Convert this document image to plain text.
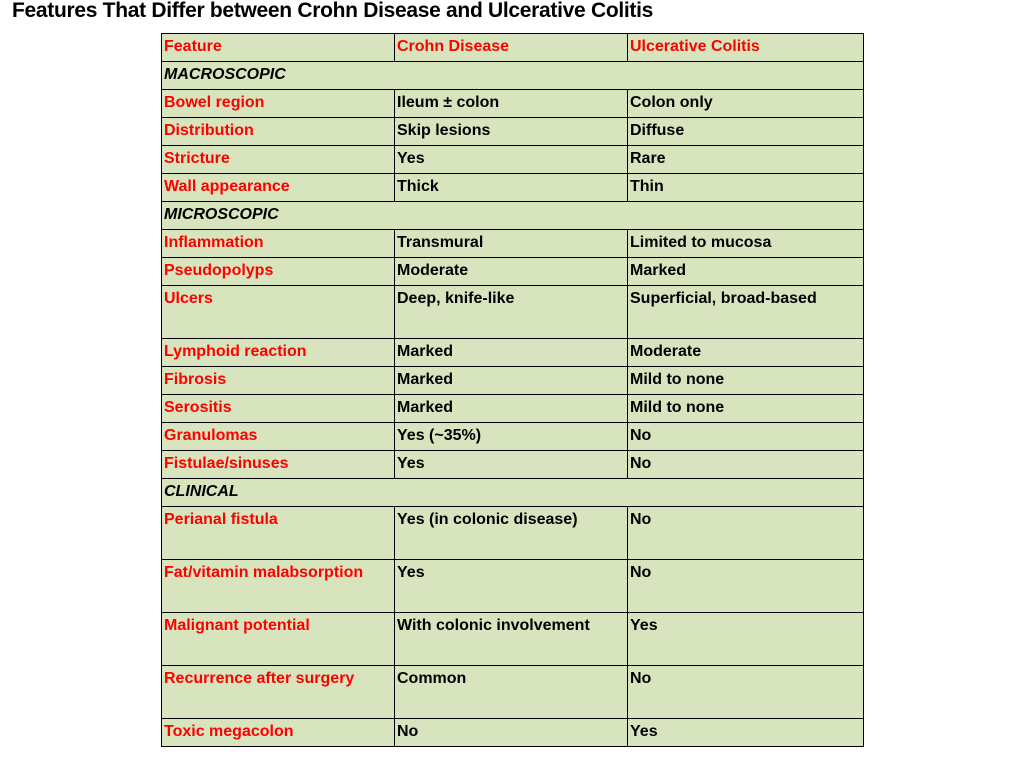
Features That Differ between Crohn Disease and Ulcerative Colitis
Feature	Crohn Disease	Ulcerative Colitis
MACROSCOPIC		
Bowel region	Ileum ± colon	Colon only
Distribution	Skip lesions	Diffuse
Stricture	Yes	Rare
Wall appearance	Thick	Thin
MICROSCOPIC		
Inflammation	Transmural	Limited to mucosa
Pseudopolyps	Moderate	Marked
Ulcers	Deep, knife-like	Superficial, broad-based
Lymphoid reaction	Marked	Moderate
Fibrosis	Marked	Mild to none
Serositis	Marked	Mild to none
Granulomas	Yes (~35%)	No
Fistulae/sinuses	Yes	No
CLINICAL		
Perianal fistula	Yes (in colonic disease)	No
Fat/vitamin malabsorption	Yes	No
Malignant potential	With colonic involvement	Yes
Recurrence after surgery	Common	No
Toxic megacolon	No	Yes
